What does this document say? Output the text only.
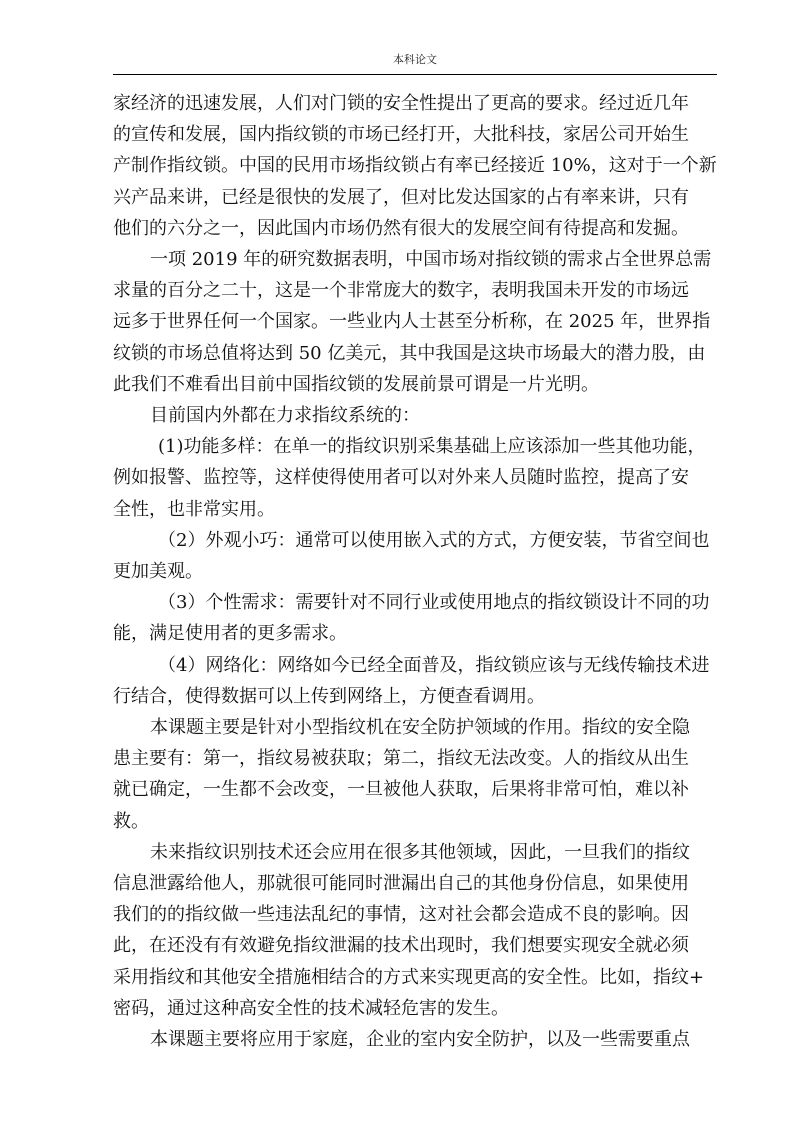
本科论文

家经济的迅速发展，人们对门锁的安全性提出了更高的要求。经过近几年
的宣传和发展，国内指纹锁的市场已经打开，大批科技，家居公司开始生
产制作指纹锁。中国的民用市场指纹锁占有率已经接近 10%，这对于一个新
兴产品来讲，已经是很快的发展了，但对比发达国家的占有率来讲，只有
他们的六分之一，因此国内市场仍然有很大的发展空间有待提高和发掘。

一项 2019 年的研究数据表明，中国市场对指纹锁的需求占全世界总需
求量的百分之二十，这是一个非常庞大的数字，表明我国未开发的市场远
远多于世界任何一个国家。一些业内人士甚至分析称，在 2025 年，世界指
纹锁的市场总值将达到 50 亿美元，其中我国是这块市场最大的潜力股，由
此我们不难看出目前中国指纹锁的发展前景可谓是一片光明。

目前国内外都在力求指纹系统的：

(1)功能多样：在单一的指纹识别采集基础上应该添加一些其他功能，
例如报警、监控等，这样使得使用者可以对外来人员随时监控，提高了安
全性，也非常实用。

（2）外观小巧：通常可以使用嵌入式的方式，方便安装，节省空间也
更加美观。

（3）个性需求：需要针对不同行业或使用地点的指纹锁设计不同的功
能，满足使用者的更多需求。

（4）网络化：网络如今已经全面普及，指纹锁应该与无线传输技术进
行结合，使得数据可以上传到网络上，方便查看调用。

本课题主要是针对小型指纹机在安全防护领域的作用。指纹的安全隐
患主要有：第一，指纹易被获取；第二，指纹无法改变。人的指纹从出生
就已确定，一生都不会改变，一旦被他人获取，后果将非常可怕，难以补
救。

未来指纹识别技术还会应用在很多其他领域，因此，一旦我们的指纹
信息泄露给他人，那就很可能同时泄漏出自己的其他身份信息，如果使用
我们的的指纹做一些违法乱纪的事情，这对社会都会造成不良的影响。因
此，在还没有有效避免指纹泄漏的技术出现时，我们想要实现安全就必须
采用指纹和其他安全措施相结合的方式来实现更高的安全性。比如，指纹+
密码，通过这种高安全性的技术减轻危害的发生。

本课题主要将应用于家庭，企业的室内安全防护，以及一些需要重点
